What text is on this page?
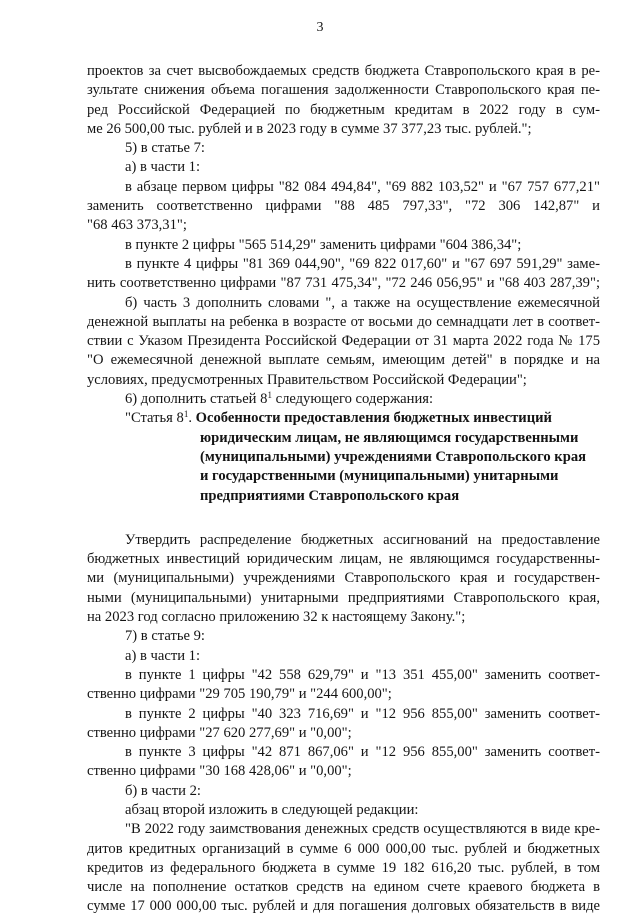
3
проектов за счет высвобождаемых средств бюджета Ставропольского края в ре-
зультате снижения объема погашения задолженности Ставропольского края пе-
ред Российской Федерацией по бюджетным кредитам в 2022 году в сум-
ме 26 500,00 тыс. рублей и в 2023 году в сумме 37 377,23 тыс. рублей.";
5) в статье 7:
а) в части 1:
в абзаце первом цифры "82 084 494,84", "69 882 103,52" и "67 757 677,21"
заменить соответственно цифрами "88 485 797,33", "72 306 142,87" и
"68 463 373,31";
в пункте 2 цифры "565 514,29" заменить цифрами "604 386,34";
в пункте 4 цифры "81 369 044,90", "69 822 017,60" и "67 697 591,29" заме-
нить соответственно цифрами "87 731 475,34", "72 246 056,95" и "68 403 287,39";
б) часть 3 дополнить словами ", а также на осуществление ежемесячной
денежной выплаты на ребенка в возрасте от восьми до семнадцати лет в соответ-
ствии с Указом Президента Российской Федерации от 31 марта 2022 года № 175
"О ежемесячной денежной выплате семьям, имеющим детей" в порядке и на
условиях, предусмотренных Правительством Российской Федерации";
6) дополнить статьей $8^1$ следующего содержания:
"Статья $8^1$. Особенности предоставления бюджетных инвестиций
юридическим лицам, не являющимся государственными
(муниципальными) учреждениями Ставропольского края
и государственными (муниципальными) унитарными
предприятиями Ставропольского края
Утвердить распределение бюджетных ассигнований на предоставление
бюджетных инвестиций юридическим лицам, не являющимся государственны-
ми (муниципальными) учреждениями Ставропольского края и государствен-
ными (муниципальными) унитарными предприятиями Ставропольского края,
на 2023 год согласно приложению 32 к настоящему Закону.";
7) в статье 9:
а) в части 1:
в пункте 1 цифры "42 558 629,79" и "13 351 455,00" заменить соответ-
ственно цифрами "29 705 190,79" и "244 600,00";
в пункте 2 цифры "40 323 716,69" и "12 956 855,00" заменить соответ-
ственно цифрами "27 620 277,69" и "0,00";
в пункте 3 цифры "42 871 867,06" и "12 956 855,00" заменить соответ-
ственно цифрами "30 168 428,06" и "0,00";
б) в части 2:
абзац второй изложить в следующей редакции:
"В 2022 году заимствования денежных средств осуществляются в виде кре-
дитов кредитных организаций в сумме 6 000 000,00 тыс. рублей и бюджетных
кредитов из федерального бюджета в сумме 19 182 616,20 тыс. рублей, в том
числе на пополнение остатков средств на едином счете краевого бюджета в
сумме 17 000 000,00 тыс. рублей и для погашения долговых обязательств в виде
